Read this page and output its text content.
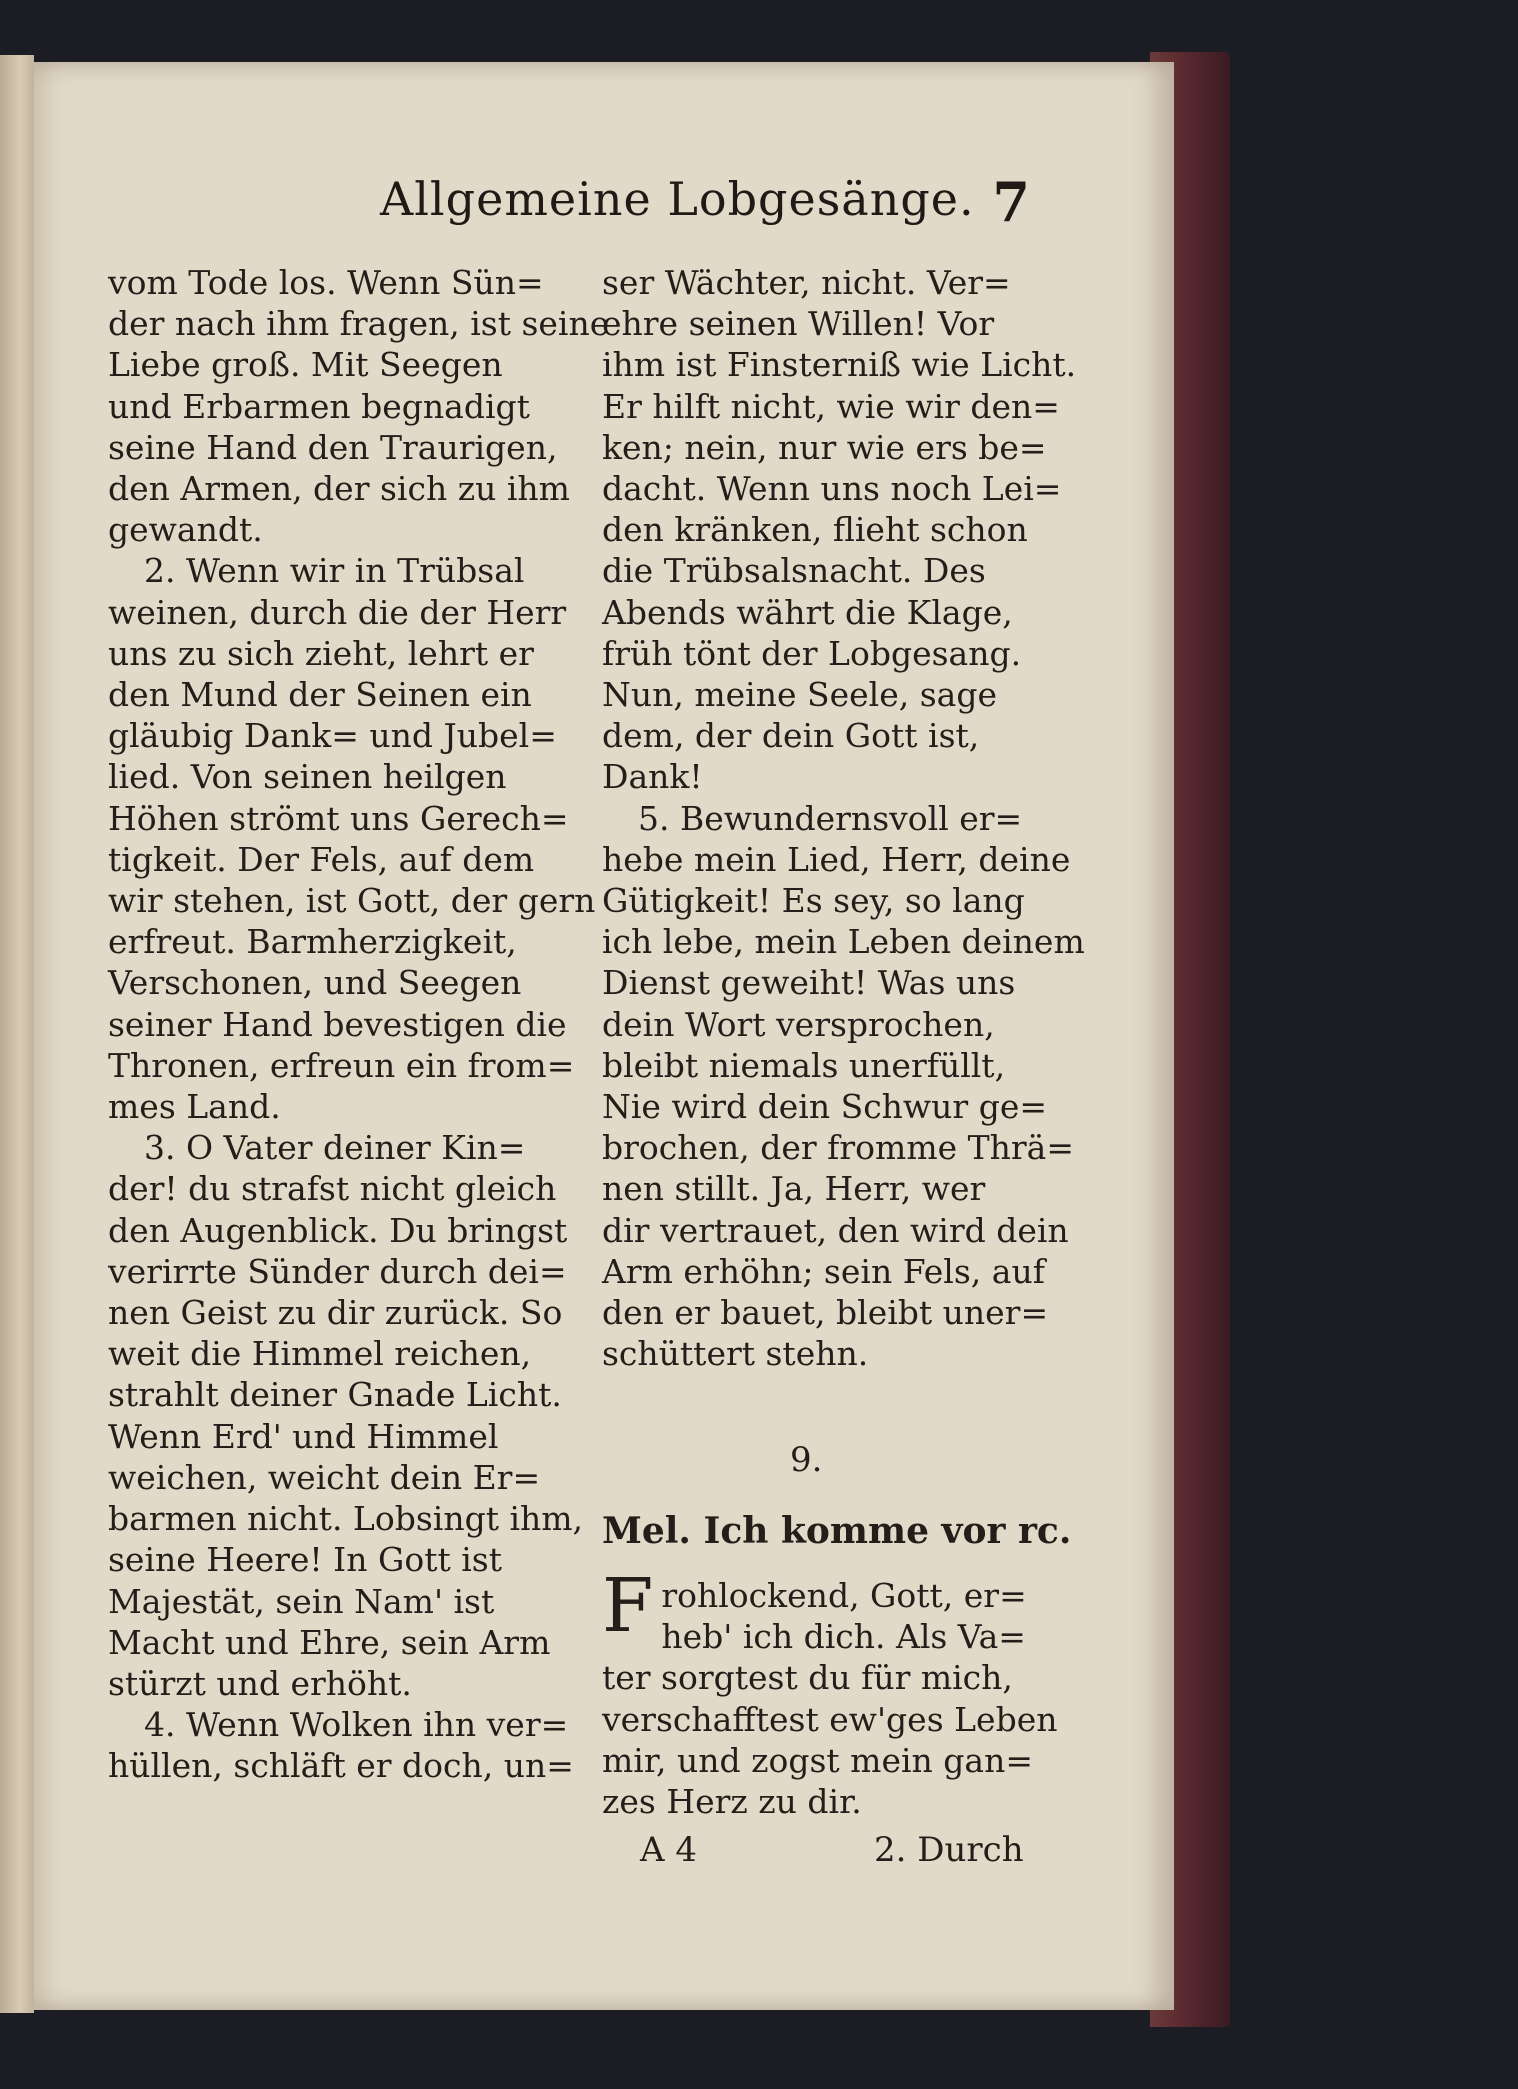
Allgemeine Lobgesänge. 7
vom Tode los. Wenn Sün=
der nach ihm fragen, ist seine
Liebe groß. Mit Seegen
und Erbarmen begnadigt
seine Hand den Traurigen,
den Armen, der sich zu ihm
gewandt.
2. Wenn wir in Trübsal
weinen, durch die der Herr
uns zu sich zieht, lehrt er
den Mund der Seinen ein
gläubig Dank= und Jubel=
lied. Von seinen heilgen
Höhen strömt uns Gerech=
tigkeit. Der Fels, auf dem
wir stehen, ist Gott, der gern
erfreut. Barmherzigkeit,
Verschonen, und Seegen
seiner Hand bevestigen die
Thronen, erfreun ein from=
mes Land.
3. O Vater deiner Kin=
der! du strafst nicht gleich
den Augenblick. Du bringst
verirrte Sünder durch dei=
nen Geist zu dir zurück. So
weit die Himmel reichen,
strahlt deiner Gnade Licht.
Wenn Erd' und Himmel
weichen, weicht dein Er=
barmen nicht. Lobsingt ihm,
seine Heere! In Gott ist
Majestät, sein Nam' ist
Macht und Ehre, sein Arm
stürzt und erhöht.
4. Wenn Wolken ihn ver=
hüllen, schläft er doch, un=
ser Wächter, nicht. Ver=
ehre seinen Willen! Vor
ihm ist Finsterniß wie Licht.
Er hilft nicht, wie wir den=
ken; nein, nur wie ers be=
dacht. Wenn uns noch Lei=
den kränken, flieht schon
die Trübsalsnacht. Des
Abends währt die Klage,
früh tönt der Lobgesang.
Nun, meine Seele, sage
dem, der dein Gott ist,
Dank!
5. Bewundernsvoll er=
hebe mein Lied, Herr, deine
Gütigkeit! Es sey, so lang
ich lebe, mein Leben deinem
Dienst geweiht! Was uns
dein Wort versprochen,
bleibt niemals unerfüllt,
Nie wird dein Schwur ge=
brochen, der fromme Thrä=
nen stillt. Ja, Herr, wer
dir vertrauet, den wird dein
Arm erhöhn; sein Fels, auf
den er bauet, bleibt uner=
schüttert stehn.
9.
Mel. Ich komme vor rc.
F rohlockend, Gott, er=
heb' ich dich. Als Va=
ter sorgtest du für mich,
verschafftest ew'ges Leben
mir, und zogst mein gan=
zes Herz zu dir.
A 4	2. Durch
